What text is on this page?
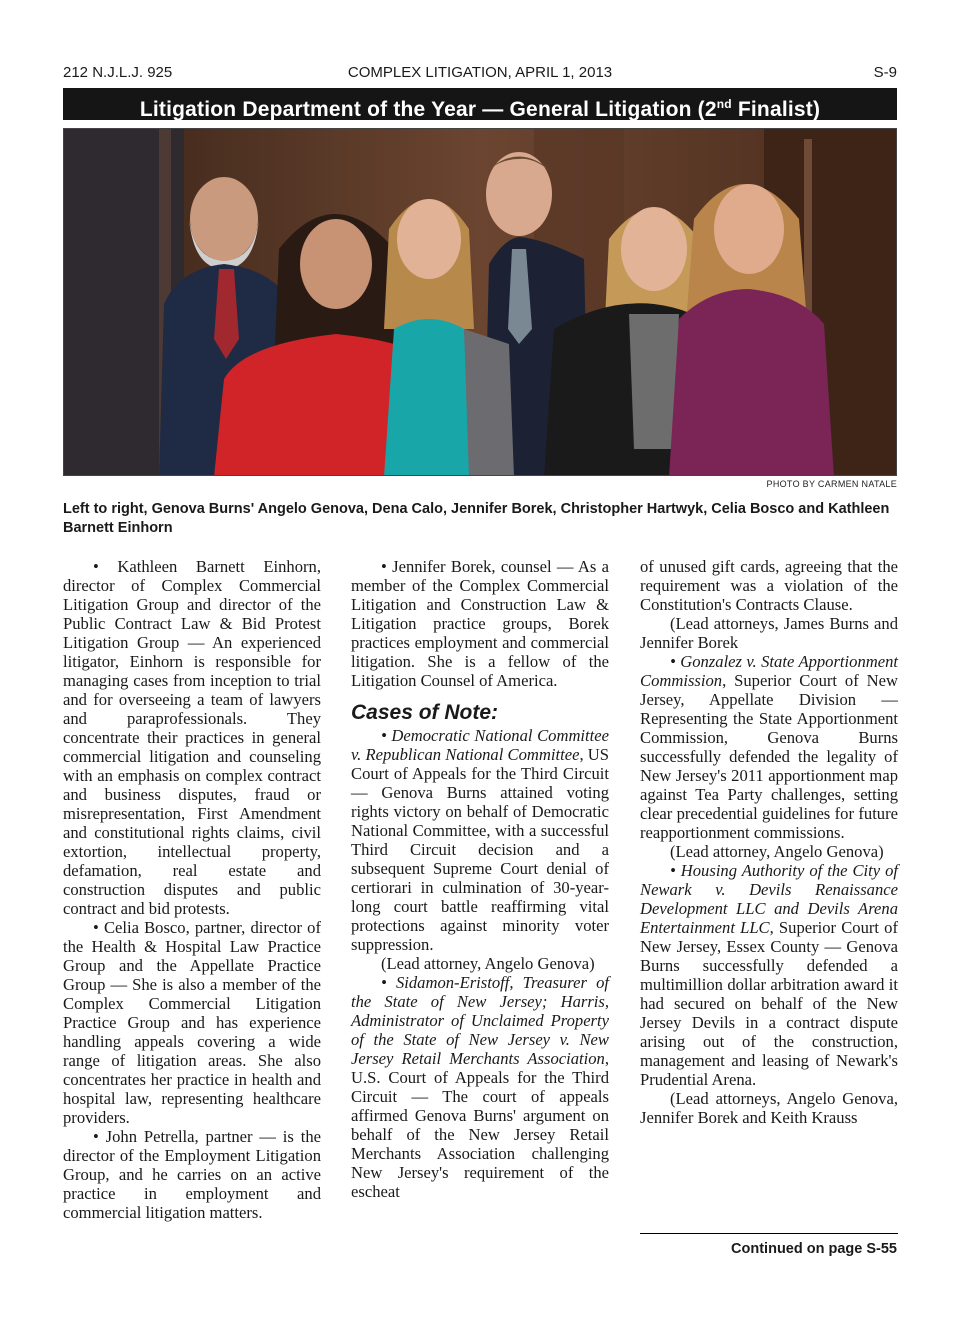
212 N.J.L.J. 925	COMPLEX LITIGATION, APRIL 1, 2013	S-9
Litigation Department of the Year — General Litigation (2nd Finalist)
PHOTO BY CARMEN NATALE
Left to right, Genova Burns' Angelo Genova, Dena Calo, Jennifer Borek, Christopher Hartwyk, Celia Bosco and Kathleen Barnett Einhorn

• Kathleen Barnett Einhorn, director of Complex Commercial Litigation Group and director of the Public Contract Law & Bid Protest Litigation Group — An experienced litigator, Einhorn is responsible for managing cases from inception to trial and for overseeing a team of lawyers and paraprofessionals. They concentrate their practices in general commercial litigation and counseling with an emphasis on complex contract and business disputes, fraud or misrepresentation, First Amendment and constitutional rights claims, civil extortion, intellectual property, defamation, real estate and construction disputes and public contract and bid protests.

• Celia Bosco, partner, director of the Health & Hospital Law Practice Group and the Appellate Practice Group — She is also a member of the Complex Commercial Litigation Practice Group and has experience handling appeals covering a wide range of litigation areas. She also concentrates her practice in health and hospital law, representing healthcare providers.

• John Petrella, partner — is the director of the Employment Litigation Group, and he carries on an active practice in employment and commercial litigation matters.

• Jennifer Borek, counsel — As a member of the Complex Commercial Litigation and Construction Law & Litigation practice groups, Borek practices employment and commercial litigation. She is a fellow of the Litigation Counsel of America.

Cases of Note:

• Democratic National Committee v. Republican National Committee, US Court of Appeals for the Third Circuit — Genova Burns attained voting rights victory on behalf of Democratic National Committee, with a successful Third Circuit decision and a subsequent Supreme Court denial of certiorari in culmination of 30-year-long court battle reaffirming vital protections against minority voter suppression.

(Lead attorney, Angelo Genova)

• Sidamon-Eristoff, Treasurer of the State of New Jersey; Harris, Administrator of Unclaimed Property of the State of New Jersey v. New Jersey Retail Merchants Association, U.S. Court of Appeals for the Third Circuit — The court of appeals affirmed Genova Burns' argument on behalf of the New Jersey Retail Merchants Association challenging New Jersey's requirement of the escheat

of unused gift cards, agreeing that the requirement was a violation of the Constitution's Contracts Clause.

(Lead attorneys, James Burns and Jennifer Borek

• Gonzalez v. State Apportionment Commission, Superior Court of New Jersey, Appellate Division — Representing the State Apportionment Commission, Genova Burns successfully defended the legality of New Jersey's 2011 apportionment map against Tea Party challenges, setting clear precedential guidelines for future reapportionment commissions.

(Lead attorney, Angelo Genova)

• Housing Authority of the City of Newark v. Devils Renaissance Development LLC and Devils Arena Entertainment LLC, Superior Court of New Jersey, Essex County — Genova Burns successfully defended a multimillion dollar arbitration award it had secured on behalf of the New Jersey Devils in a contract dispute arising out of the construction, management and leasing of Newark's Prudential Arena.

(Lead attorneys, Angelo Genova, Jennifer Borek and Keith Krauss

Continued on page S-55
